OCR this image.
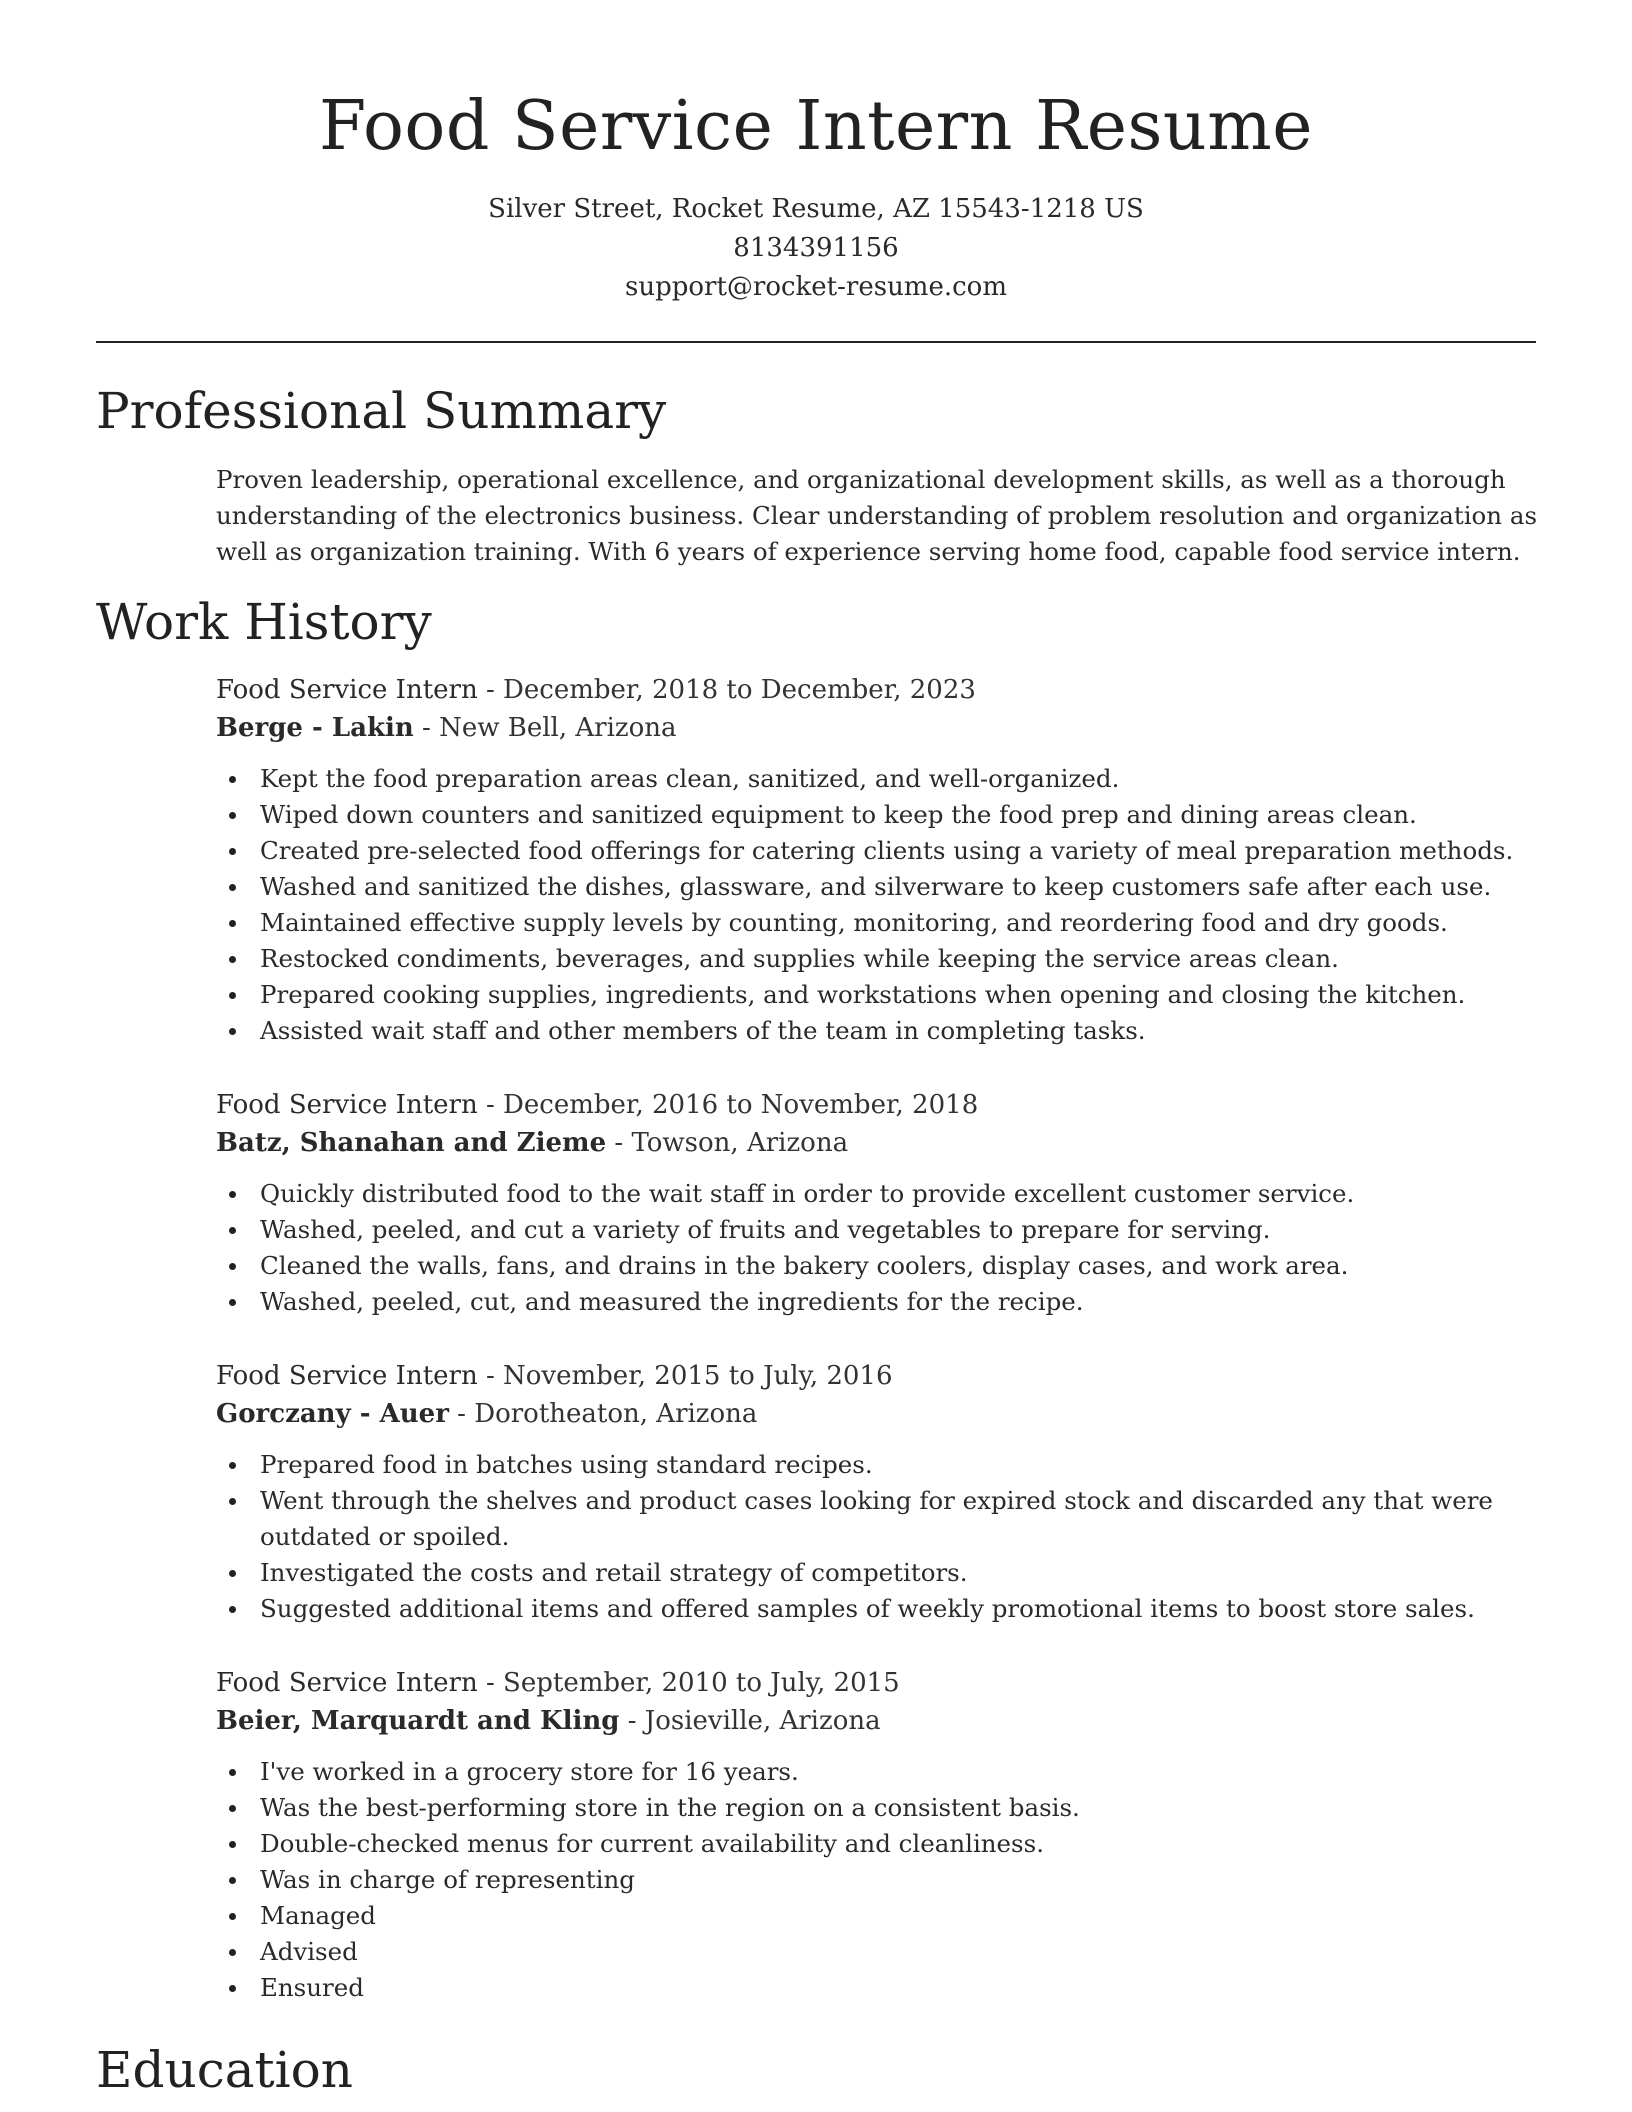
Food Service Intern Resume
Silver Street, Rocket Resume, AZ 15543-1218 US
8134391156
support@rocket-resume.com
Professional Summary

Proven leadership, operational excellence, and organizational development skills, as well as a thorough understanding of the electronics business. Clear understanding of problem resolution and organization as well as organization training. With 6 years of experience serving home food, capable food service intern.

Work History

Food Service Intern - December, 2018 to December, 2023

Berge - Lakin - New Bell, Arizona

Kept the food preparation areas clean, sanitized, and well-organized.
Wiped down counters and sanitized equipment to keep the food prep and dining areas clean.
Created pre-selected food offerings for catering clients using a variety of meal preparation methods.
Washed and sanitized the dishes, glassware, and silverware to keep customers safe after each use.
Maintained effective supply levels by counting, monitoring, and reordering food and dry goods.
Restocked condiments, beverages, and supplies while keeping the service areas clean.
Prepared cooking supplies, ingredients, and workstations when opening and closing the kitchen.
Assisted wait staff and other members of the team in completing tasks.

Food Service Intern - December, 2016 to November, 2018

Batz, Shanahan and Zieme - Towson, Arizona

Quickly distributed food to the wait staff in order to provide excellent customer service.
Washed, peeled, and cut a variety of fruits and vegetables to prepare for serving.
Cleaned the walls, fans, and drains in the bakery coolers, display cases, and work area.
Washed, peeled, cut, and measured the ingredients for the recipe.

Food Service Intern - November, 2015 to July, 2016

Gorczany - Auer - Dorotheaton, Arizona

Prepared food in batches using standard recipes.
Went through the shelves and product cases looking for expired stock and discarded any that were outdated or spoiled.
Investigated the costs and retail strategy of competitors.
Suggested additional items and offered samples of weekly promotional items to boost store sales.

Food Service Intern - September, 2010 to July, 2015

Beier, Marquardt and Kling - Josieville, Arizona

I've worked in a grocery store for 16 years.
Was the best-performing store in the region on a consistent basis.
Double-checked menus for current availability and cleanliness.
Was in charge of representing
Managed
Advised
Ensured
Education
